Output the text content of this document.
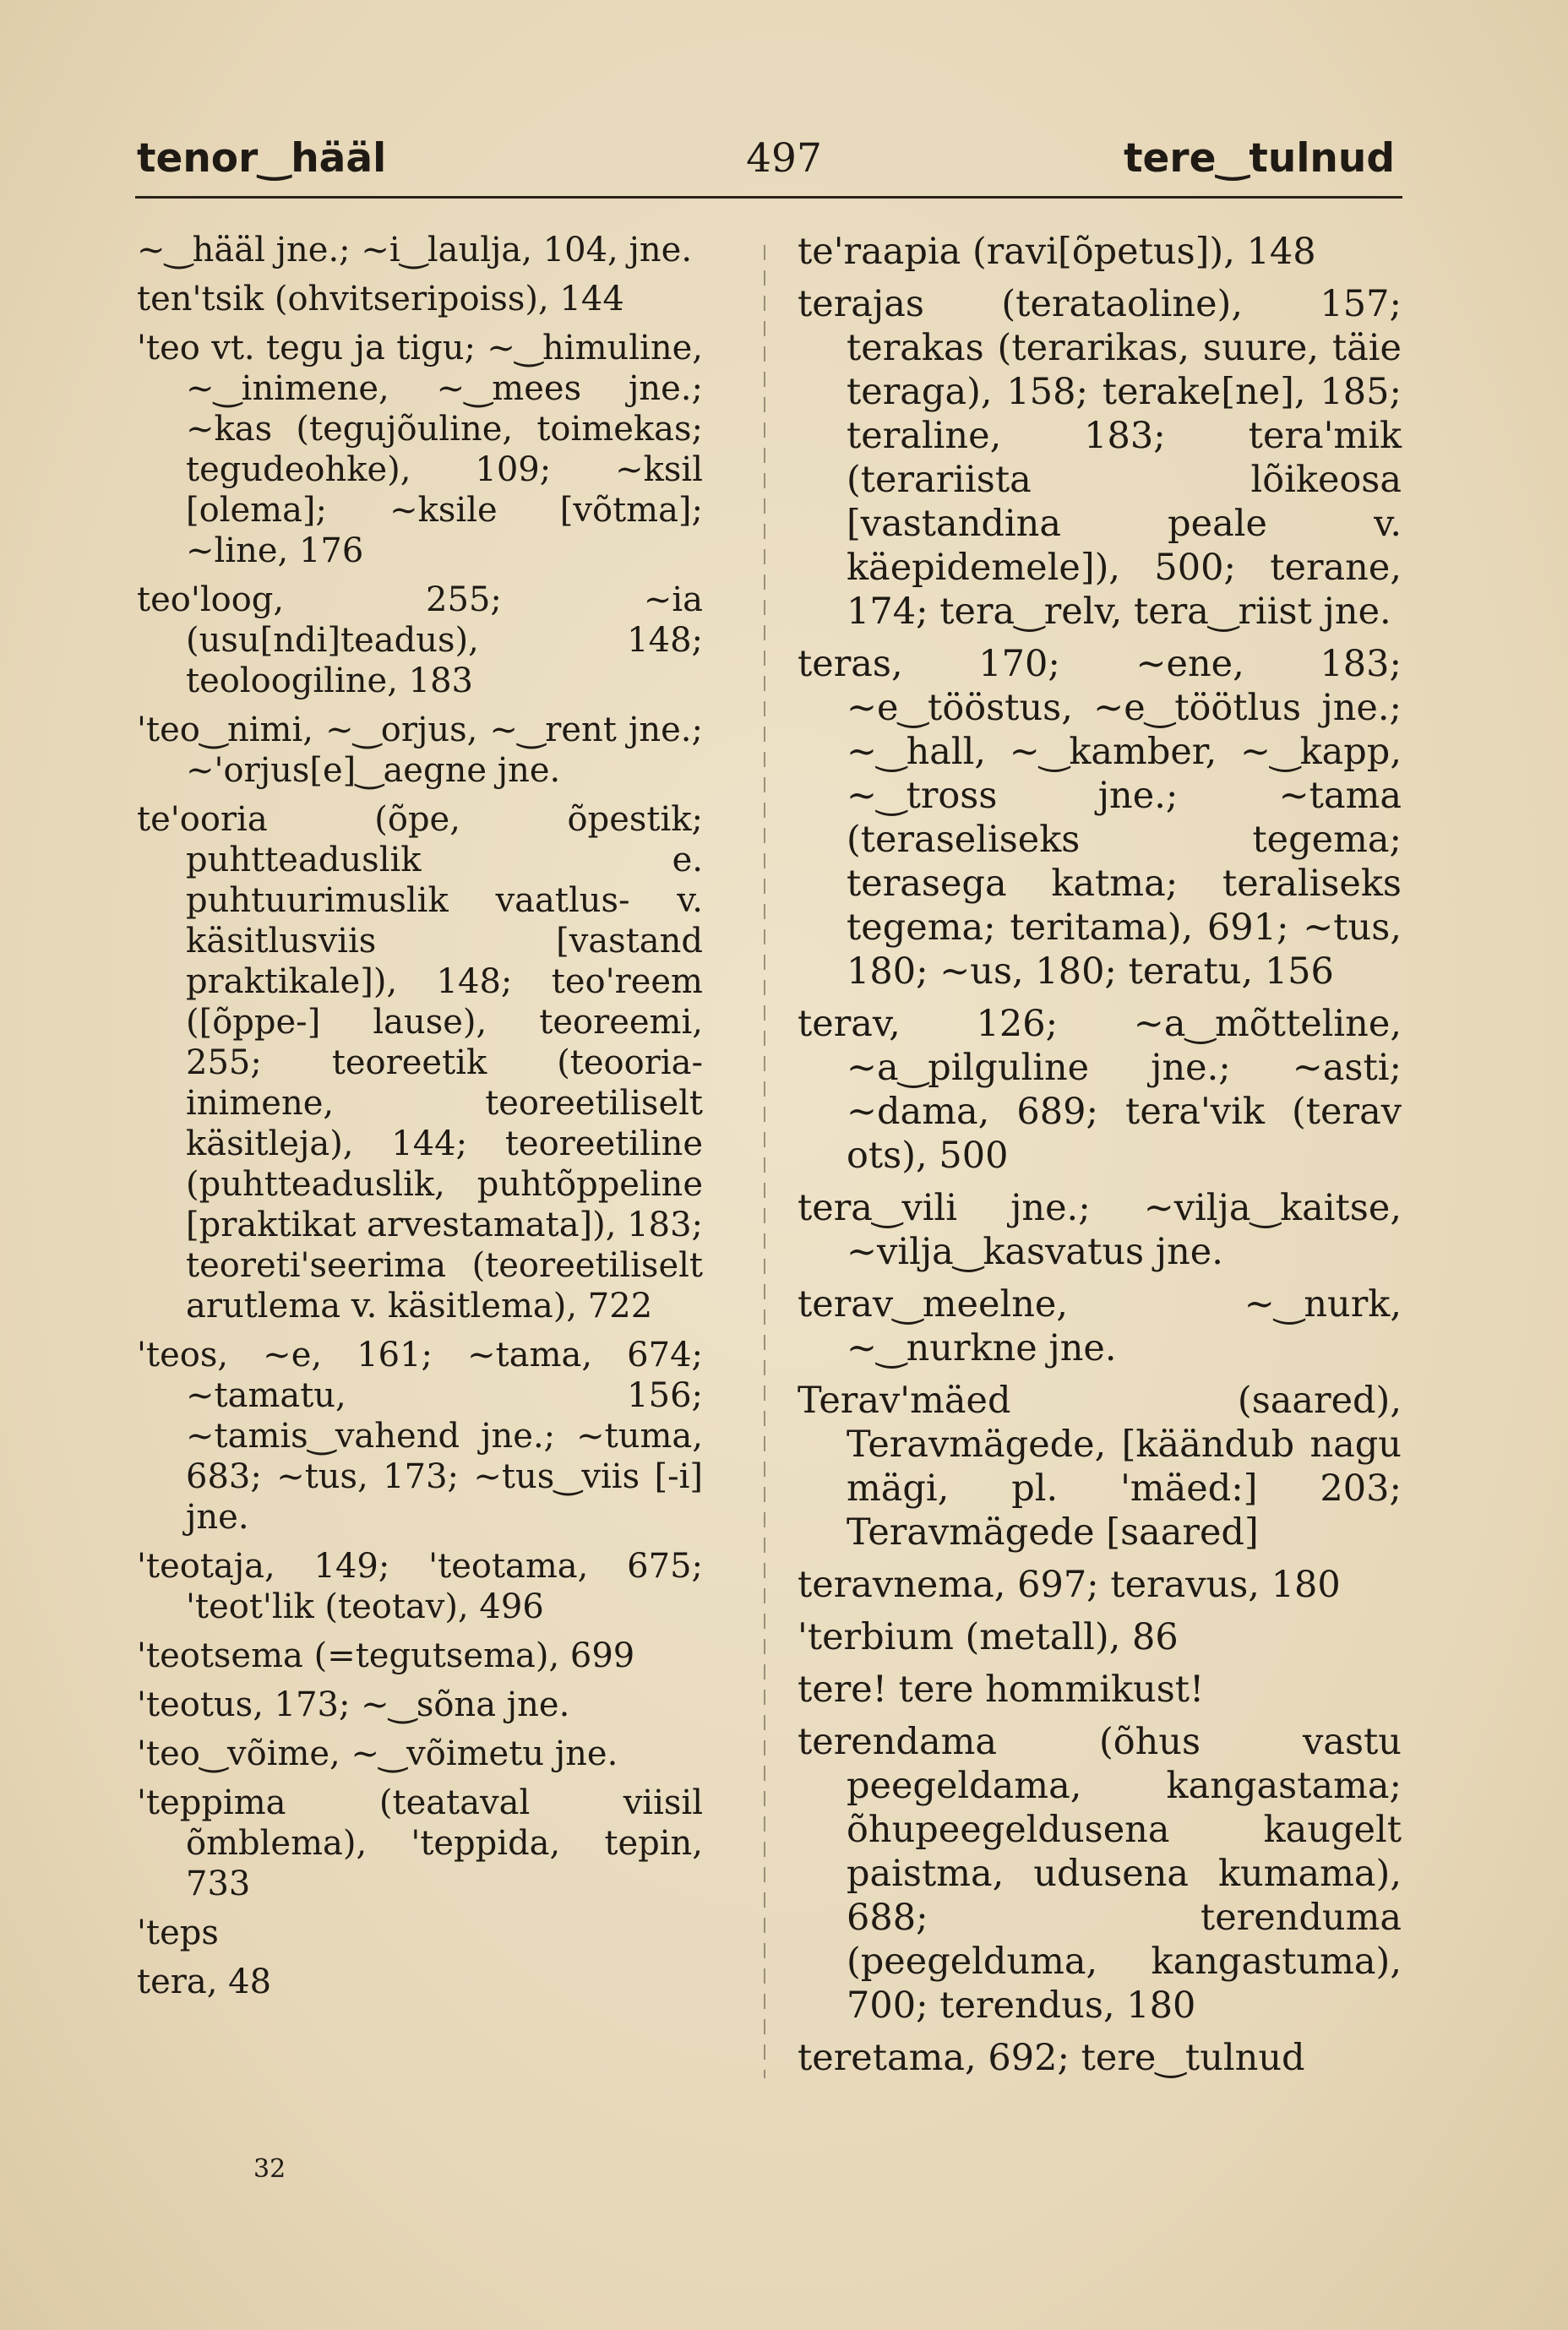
tenor‿hääl	497	tere‿tulnud

~‿hääl jne.; ~i‿laulja, 104, jne.

ten'tsik (ohvitseripoiss), 144

'teo vt. tegu ja tigu; ~‿himuline, ~‿inimene, ~‿mees jne.; ~kas (tegujõuline, toimekas; tegudeohke), 109; ~ksil [olema]; ~ksile [võtma]; ~line, 176

teo'loog, 255; ~ia (usu[ndi]teadus), 148; teoloogiline, 183

'teo‿nimi, ~‿orjus, ~‿rent jne.; ~'orjus[e]‿aegne jne.

te'ooria (õpe, õpestik; puhtteaduslik e. puhtuurimuslik vaatlus- v. käsitlusviis [vastand praktikale]), 148; teo'reem ([õppe-] lause), teoreemi, 255; teoreetik (teooria-inimene, teoreetiliselt käsitleja), 144; teoreetiline (puhtteaduslik, puhtõppeline [praktikat arvestamata]), 183; teoreti'seerima (teoreetiliselt arutlema v. käsitlema), 722

'teos, ~e, 161; ~tama, 674; ~tamatu, 156; ~tamis‿vahend jne.; ~tuma, 683; ~tus, 173; ~tus‿viis [-i] jne.

'teotaja, 149; 'teotama, 675; 'teot'lik (teotav), 496

'teotsema (=tegutsema), 699

'teotus, 173; ~‿sõna jne.

'teo‿võime, ~‿võimetu jne.

'teppima (teataval viisil õmblema), 'teppida, tepin, 733

'teps

tera, 48

te'raapia (ravi[õpetus]), 148

terajas (terataoline), 157; terakas (terarikas, suure, täie teraga), 158; terake[ne], 185; teraline, 183; tera'mik (terariista lõikeosa [vastandina peale v. käepidemele]), 500; terane, 174; tera‿relv, tera‿riist jne.

teras, 170; ~ene, 183; ~e‿tööstus, ~e‿töötlus jne.; ~‿hall, ~‿kamber, ~‿kapp, ~‿tross jne.; ~tama (teraseliseks tegema; terasega katma; teraliseks tegema; teritama), 691; ~tus, 180; ~us, 180; teratu, 156

terav, 126; ~a‿mõtteline, ~a‿pilguline jne.; ~asti; ~dama, 689; tera'vik (terav ots), 500

tera‿vili jne.; ~vilja‿kaitse, ~vilja‿kasvatus jne.

terav‿meelne, ~‿nurk, ~‿nurkne jne.

Terav'mäed (saared), Teravmägede, [käändub nagu mägi, pl. 'mäed:] 203; Teravmägede [saared]

teravnema, 697; teravus, 180

'terbium (metall), 86

tere! tere hommikust!

terendama (õhus vastu peegeldama, kangastama; õhupeegeldusena kaugelt paistma, udusena kumama), 688; terenduma (peegelduma, kangastuma), 700; terendus, 180

teretama, 692; tere‿tulnud

32
